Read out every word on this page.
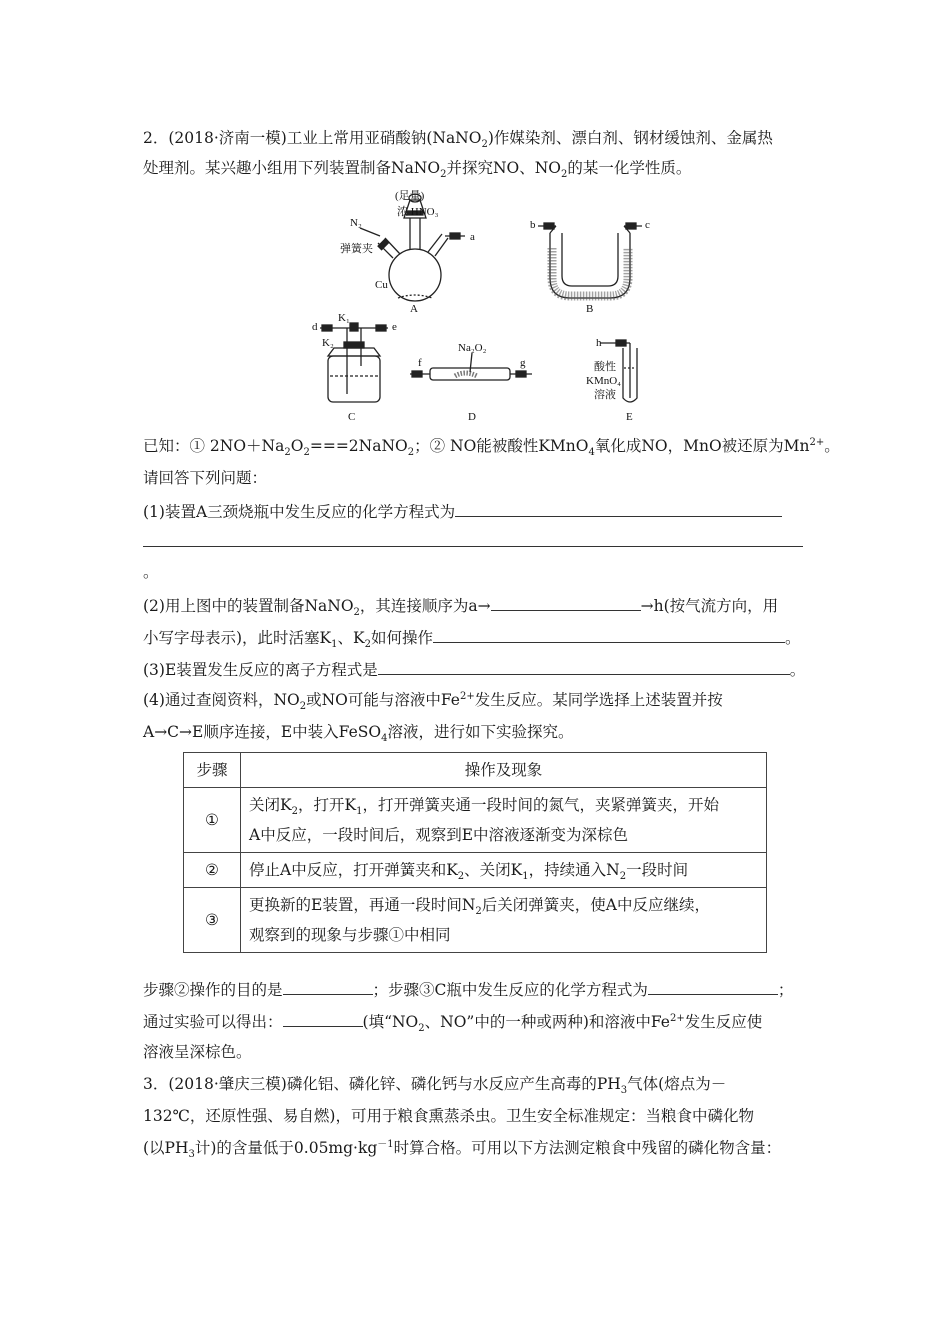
2．(2018·济南一模)工业上常用亚硝酸钠(NaNO$_2$)作媒染剂、漂白剂、钢材缓蚀剂、金属热
处理剂。某兴趣小组用下列装置制备NaNO$_2$并探究NO、$NO_2$的某一化学性质。
(足量)
浓 HNO₃
N₂
弹簧夹
Cu
a
A
b	c
B
d	e
K₁
K₂
C
f	g
Na₂O₂
D
h
酸性
KMnO₄
溶液
E
已知：① $2NO+Na_2O_2===2NaNO_2$；② NO能被酸性KMnO$_4$氧化成NO，MnO被还原为$Mn^{2+}$。
请回答下列问题：
(1)装置A三颈烧瓶中发生反应的化学方程式为
。
(2)用上图中的装置制备NaNO$_2$，其连接顺序为a→	→h(按气流方向，用
小写字母表示)，此时活塞$K_1$、$K_2$如何操作	。
(3)E装置发生反应的离子方程式是	。
(4)通过查阅资料，$NO_2$或NO可能与溶液中$Fe^{2+}$发生反应。某同学选择上述装置并按
A→C→E顺序连接，E中装入FeSO$_4$溶液，进行如下实验探究。
步骤	操作及现象
①	关闭$K_2$，打开$K_1$，打开弹簧夹通一段时间的氮气，夹紧弹簧夹，开始
A中反应，一段时间后，观察到E中溶液逐渐变为深棕色
②	停止A中反应，打开弹簧夹和$K_2$、关闭$K_1$，持续通入$N_2$一段时间
③	更换新的E装置，再通一段时间$N_2$后关闭弹簧夹，使A中反应继续，
观察到的现象与步骤①中相同
步骤②操作的目的是	；步骤③C瓶中发生反应的化学方程式为	；
通过实验可以得出：	(填“$NO_2$、NO”中的一种或两种)和溶液中$Fe^{2+}$发生反应使
溶液呈深棕色。
3．(2018·肇庆三模)磷化铝、磷化锌、磷化钙与水反应产生高毒的$PH_3$气体(熔点为－
132℃，还原性强、易自燃)，可用于粮食熏蒸杀虫。卫生安全标准规定：当粮食中磷化物
(以$PH_3$计)的含量低于$0.05mg\cdot kg^{-1}$时算合格。可用以下方法测定粮食中残留的磷化物含量：
